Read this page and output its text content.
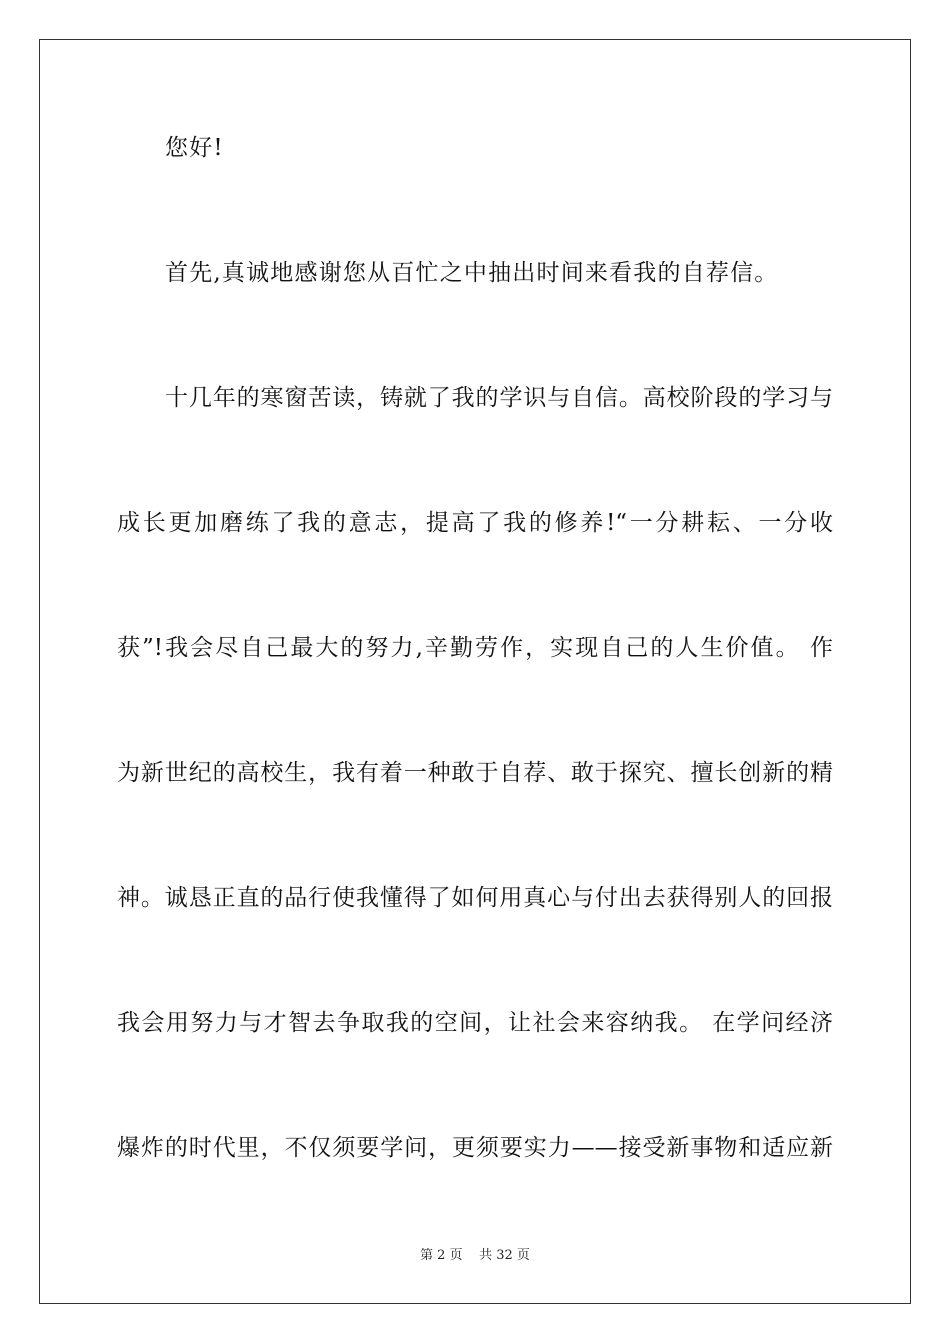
您好!
首先,真诚地感谢您从百忙之中抽出时间来看我的自荐信。
十几年的寒窗苦读，铸就了我的学识与自信。高校阶段的学习与
成长更加磨练了我的意志，提高了我的修养!“一分耕耘、一分收
获”!我会尽自己最大的努力,辛勤劳作，实现自己的人生价值。 作
为新世纪的高校生，我有着一种敢于自荐、敢于探究、擅长创新的精
神。诚恳正直的品行使我懂得了如何用真心与付出去获得别人的回报
我会用努力与才智去争取我的空间，让社会来容纳我。 在学问经济
爆炸的时代里，不仅须要学问，更须要实力——接受新事物和适应新
第 2 页 共 32 页
